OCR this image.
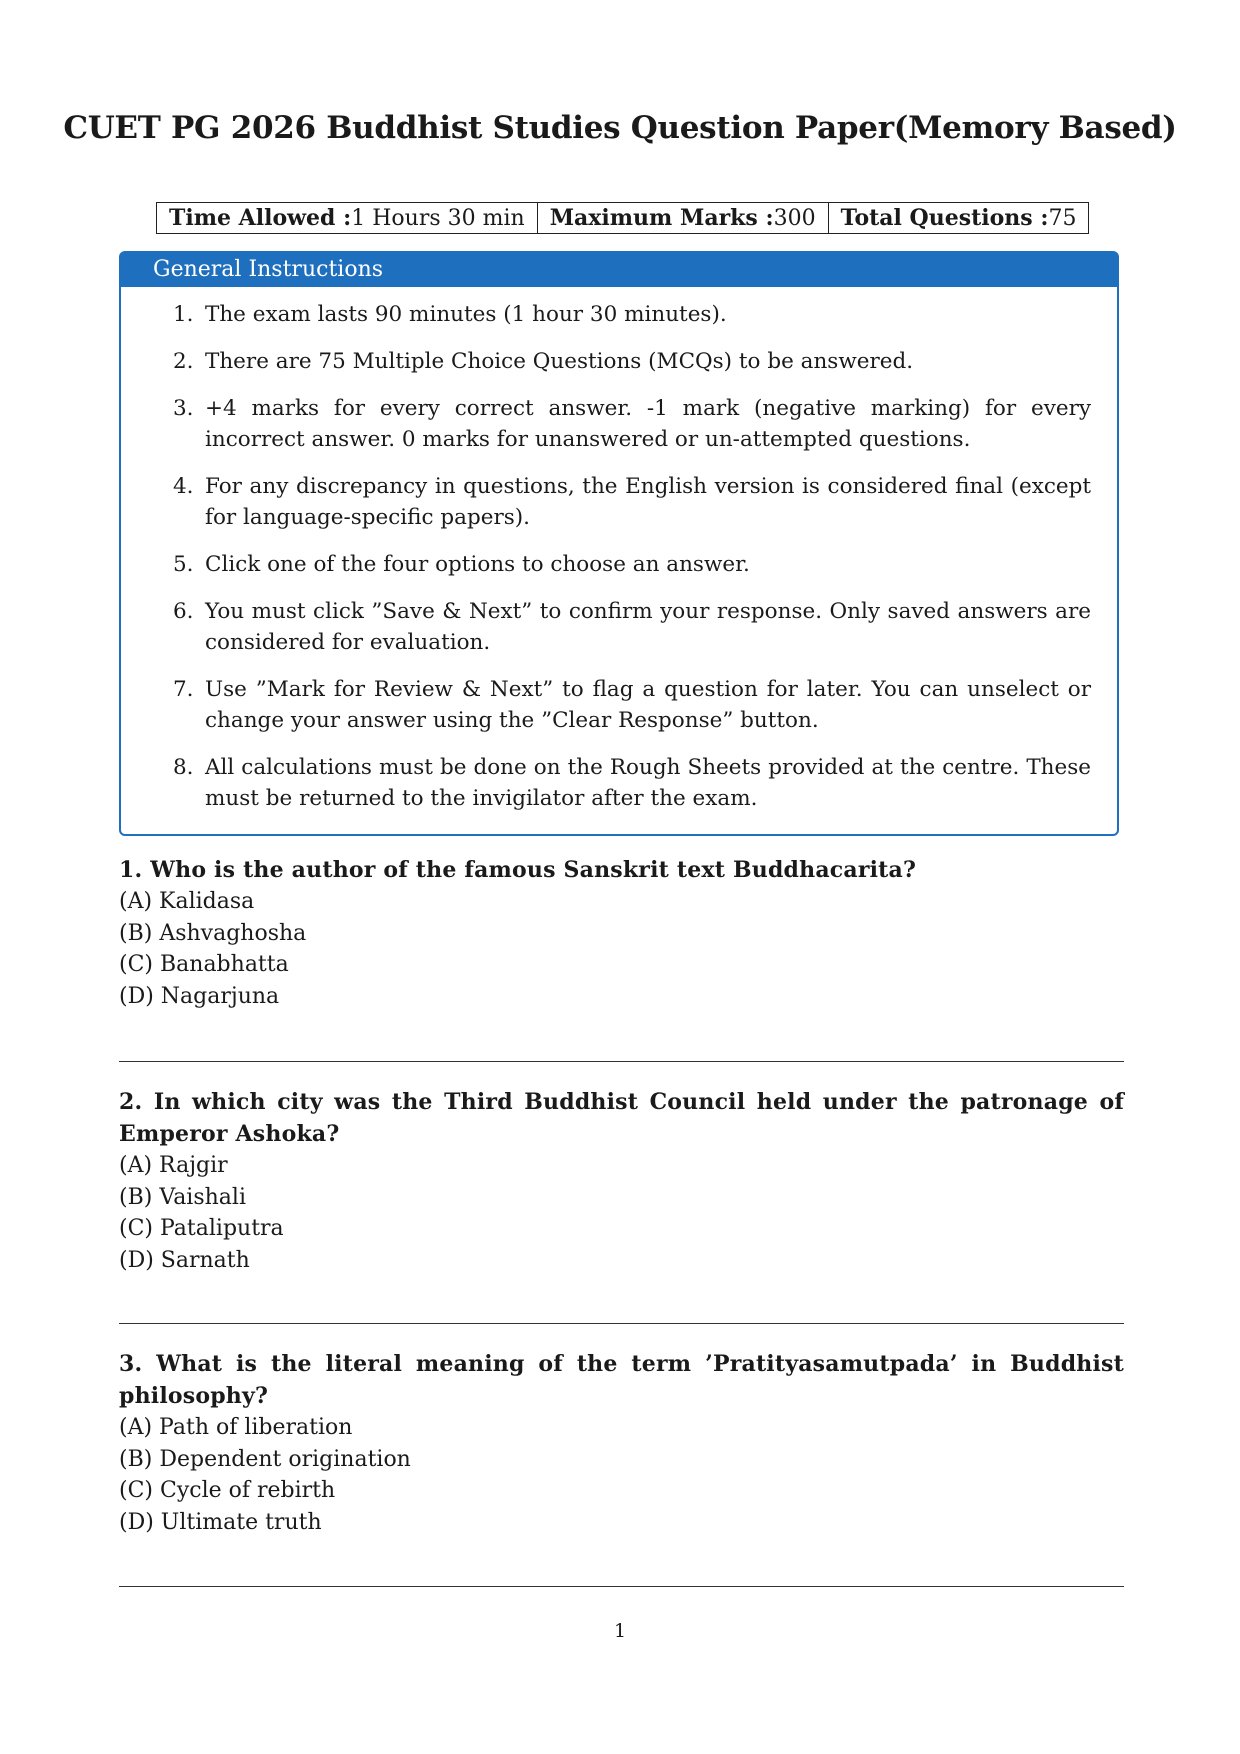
CUET PG 2026 Buddhist Studies Question Paper(Memory Based)
Time Allowed :1 Hours 30 min	Maximum Marks :300	Total Questions :75
General Instructions
1. The exam lasts 90 minutes (1 hour 30 minutes).
2. There are 75 Multiple Choice Questions (MCQs) to be answered.
3. +4 marks for every correct answer. -1 mark (negative marking) for every incorrect answer. 0 marks for unanswered or un-attempted questions.
4. For any discrepancy in questions, the English version is considered final (except for language-specific papers).
5. Click one of the four options to choose an answer.
6. You must click ”Save & Next” to confirm your response. Only saved answers are considered for evaluation.
7. Use ”Mark for Review & Next” to flag a question for later. You can unselect or change your answer using the ”Clear Response” button.
8. All calculations must be done on the Rough Sheets provided at the centre. These must be returned to the invigilator after the exam.
1. Who is the author of the famous Sanskrit text Buddhacarita?
(A) Kalidasa
(B) Ashvaghosha
(C) Banabhatta
(D) Nagarjuna
2. In which city was the Third Buddhist Council held under the patronage of Emperor Ashoka?
(A) Rajgir
(B) Vaishali
(C) Pataliputra
(D) Sarnath
3. What is the literal meaning of the term ’Pratityasamutpada’ in Buddhist philosophy?
(A) Path of liberation
(B) Dependent origination
(C) Cycle of rebirth
(D) Ultimate truth
1
